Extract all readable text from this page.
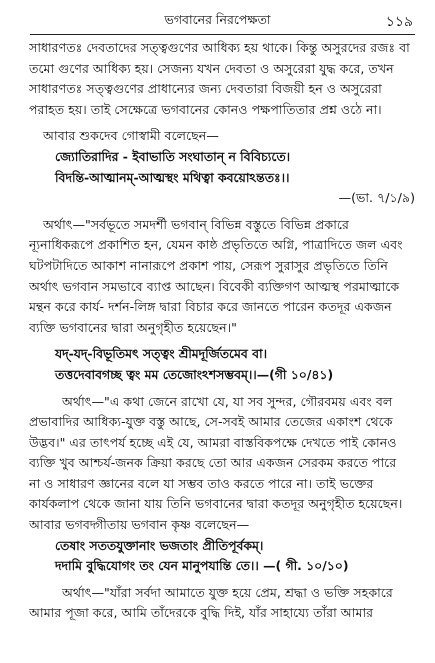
ভগবানের নিরপেক্ষতা	১১৯
সাধারণতঃ দেবতাদের সত্ত্বগুণের আধিক্য হয় থাকে। কিন্তু অসুরদের রজঃ বা
তমো গুণের আধিক্য হয়। সেজন্য যখন দেবতা ও অসুরেরা যুদ্ধ করে, তখন
সাধারণতঃ সত্ত্বগুণের প্রাধান্যের জন্য দেবতারা বিজয়ী হন ও অসুরেরা
পরাহত হয়। তাই সেক্ষেত্রে ভগবানের কোনও পক্ষপাতিতার প্রশ্ন ওঠে না।
আবার শুকদেব গোস্বামী বলেছেন—
জ্যোতিরাদির - ইবাভাতি সংঘাতান্ ন বিবিচ্যতে।
বিদন্তি-আত্মানম্-আত্মস্থং মথিত্বা কবয়োঽন্ততঃ।।
—(ভা. ৭/১/৯)
অর্থাৎ—"সর্বভূতে সমদর্শী ভগবান্ বিভিন্ন বস্তুতে বিভিন্ন প্রকারে
ন্যূনাধিকরূপে প্রকাশিত হন, যেমন কাষ্ঠ প্রভৃতিতে অগ্নি, পাত্রাদিতে জল এবং
ঘটপটাদিতে আকাশ নানারূপে প্রকাশ পায়, সেরূপ সুরাসুর প্রভৃতিতে তিনি
অর্থাৎ ভগবান সমভাবে ব্যাপ্ত আছেন। বিবেকী ব্যক্তিগণ আত্মস্থ পরমাত্মাকে
মন্থন করে কার্য- দর্শন-লিঙ্গ দ্বারা বিচার করে জানতে পারেন কতদূর একজন
ব্যক্তি ভগবানের দ্বারা অনুগৃহীত হয়েছেন।"
যদ্-যদ্-বিভূতিমৎ সত্ত্বং শ্রীমদূর্জিতমেব বা।
তত্তদেবাবগচ্ছ ত্বং মম তেজোংঽশসম্ভবম্।।—(গী ১০/৪১)
অর্থাৎ—"এ কথা জেনে রাখো যে, যা সব সুন্দর, গৌরবময় এবং বল
প্রভাবাদির আধিক্য-যুক্ত বস্তু আছে, সে-সবই আমার তেজের একাংশ থেকে
উদ্ভব।" এর তাৎপর্য হচ্ছে এই যে, আমরা বাস্তবিকপক্ষে দেখতে পাই কোনও
ব্যক্তি খুব আশ্চর্য-জনক ক্রিয়া করছে তো আর একজন সেরকম করতে পারে
না ও সাধারণ জ্ঞানের বলে যা সম্ভব তাও করতে পারে না। তাই ভক্তের
কার্যকলাপ থেকে জানা যায় তিনি ভগবানের দ্বারা কতদূর অনুগৃহীত হয়েছেন।
আবার ভগবদ্গীতায় ভগবান কৃষ্ণ বলেছেন—
তেষাং সততযুক্তানাং ভজতাং প্রীতিপূর্বকম্।
দদামি বুদ্ধিযোগং তং যেন মানুপযান্তি তে।। —( গী. ১০/১০)
অর্থাৎ—"যাঁরা সর্বদা আমাতে যুক্ত হয়ে প্রেম, শ্রদ্ধা ও ভক্তি সহকারে
আমার পূজা করে, আমি তাঁদেরকে বুদ্ধি দিই, যাঁর সাহায্যে তাঁরা আমার
